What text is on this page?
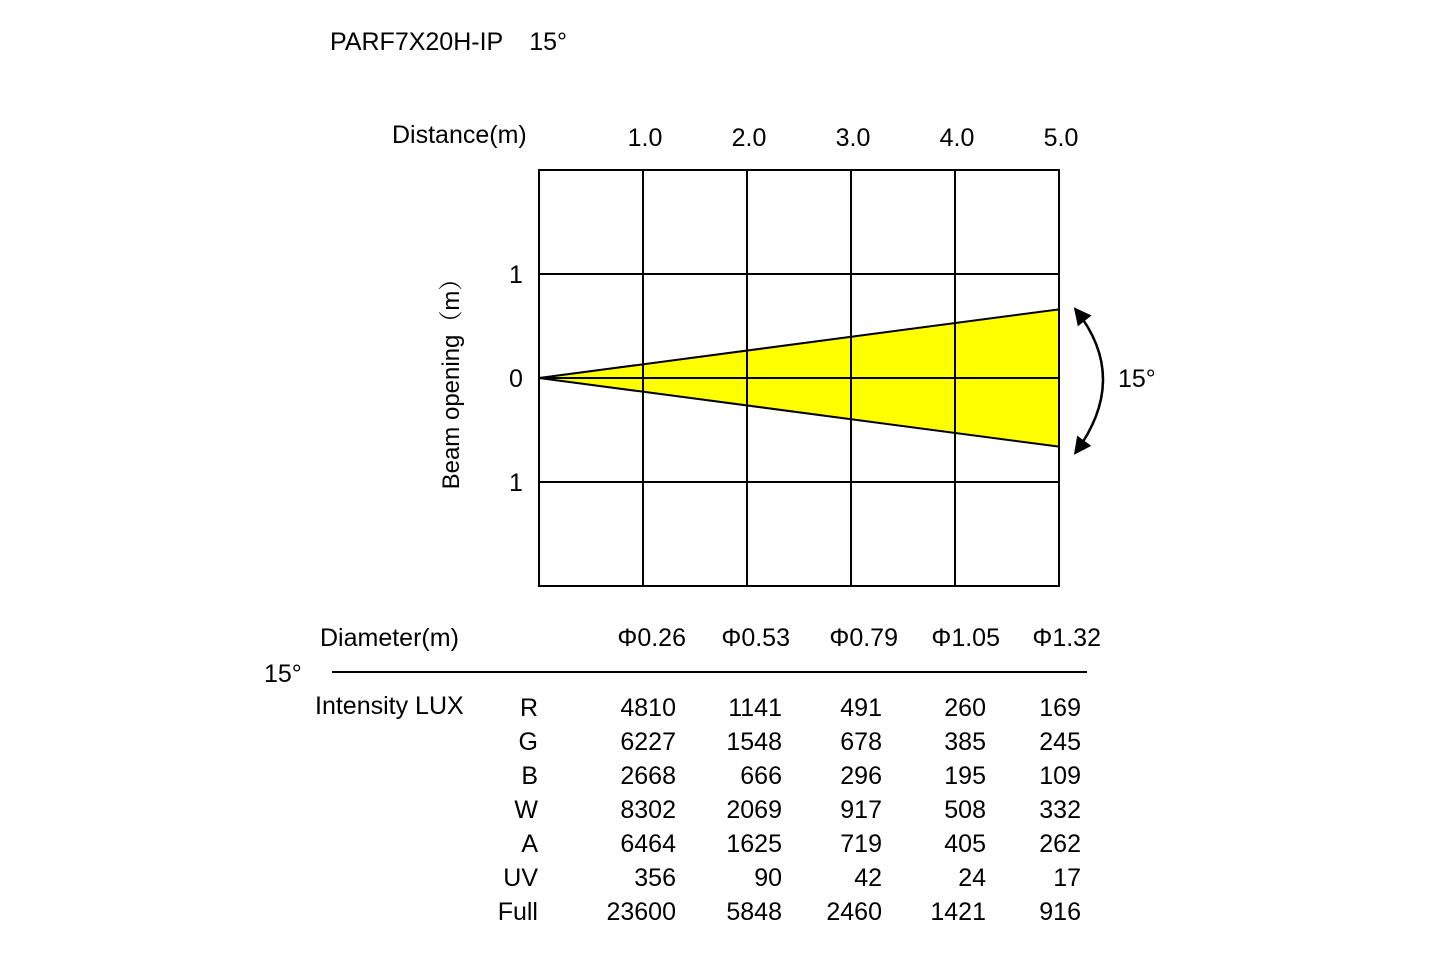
PARF7X20H-IP 15°
1.0	2.0	3.0	4.0	5.0
Distance(m)
1
0
1
Beam opening（m）	15°
Diameter(m)
15°
Intensity LUX
Φ0.26 Φ0.53 Φ0.79 Φ1.05 Φ1.32
R	4810 1141 491 260 169
G	6227 1548 678 385 245
B	2668	666 296 195 109
W	8302 2069 917 508 332
A	6464 1625 719 405 262
UV	356	90	42	24	17
Full	23600 5848 2460 1421 916
